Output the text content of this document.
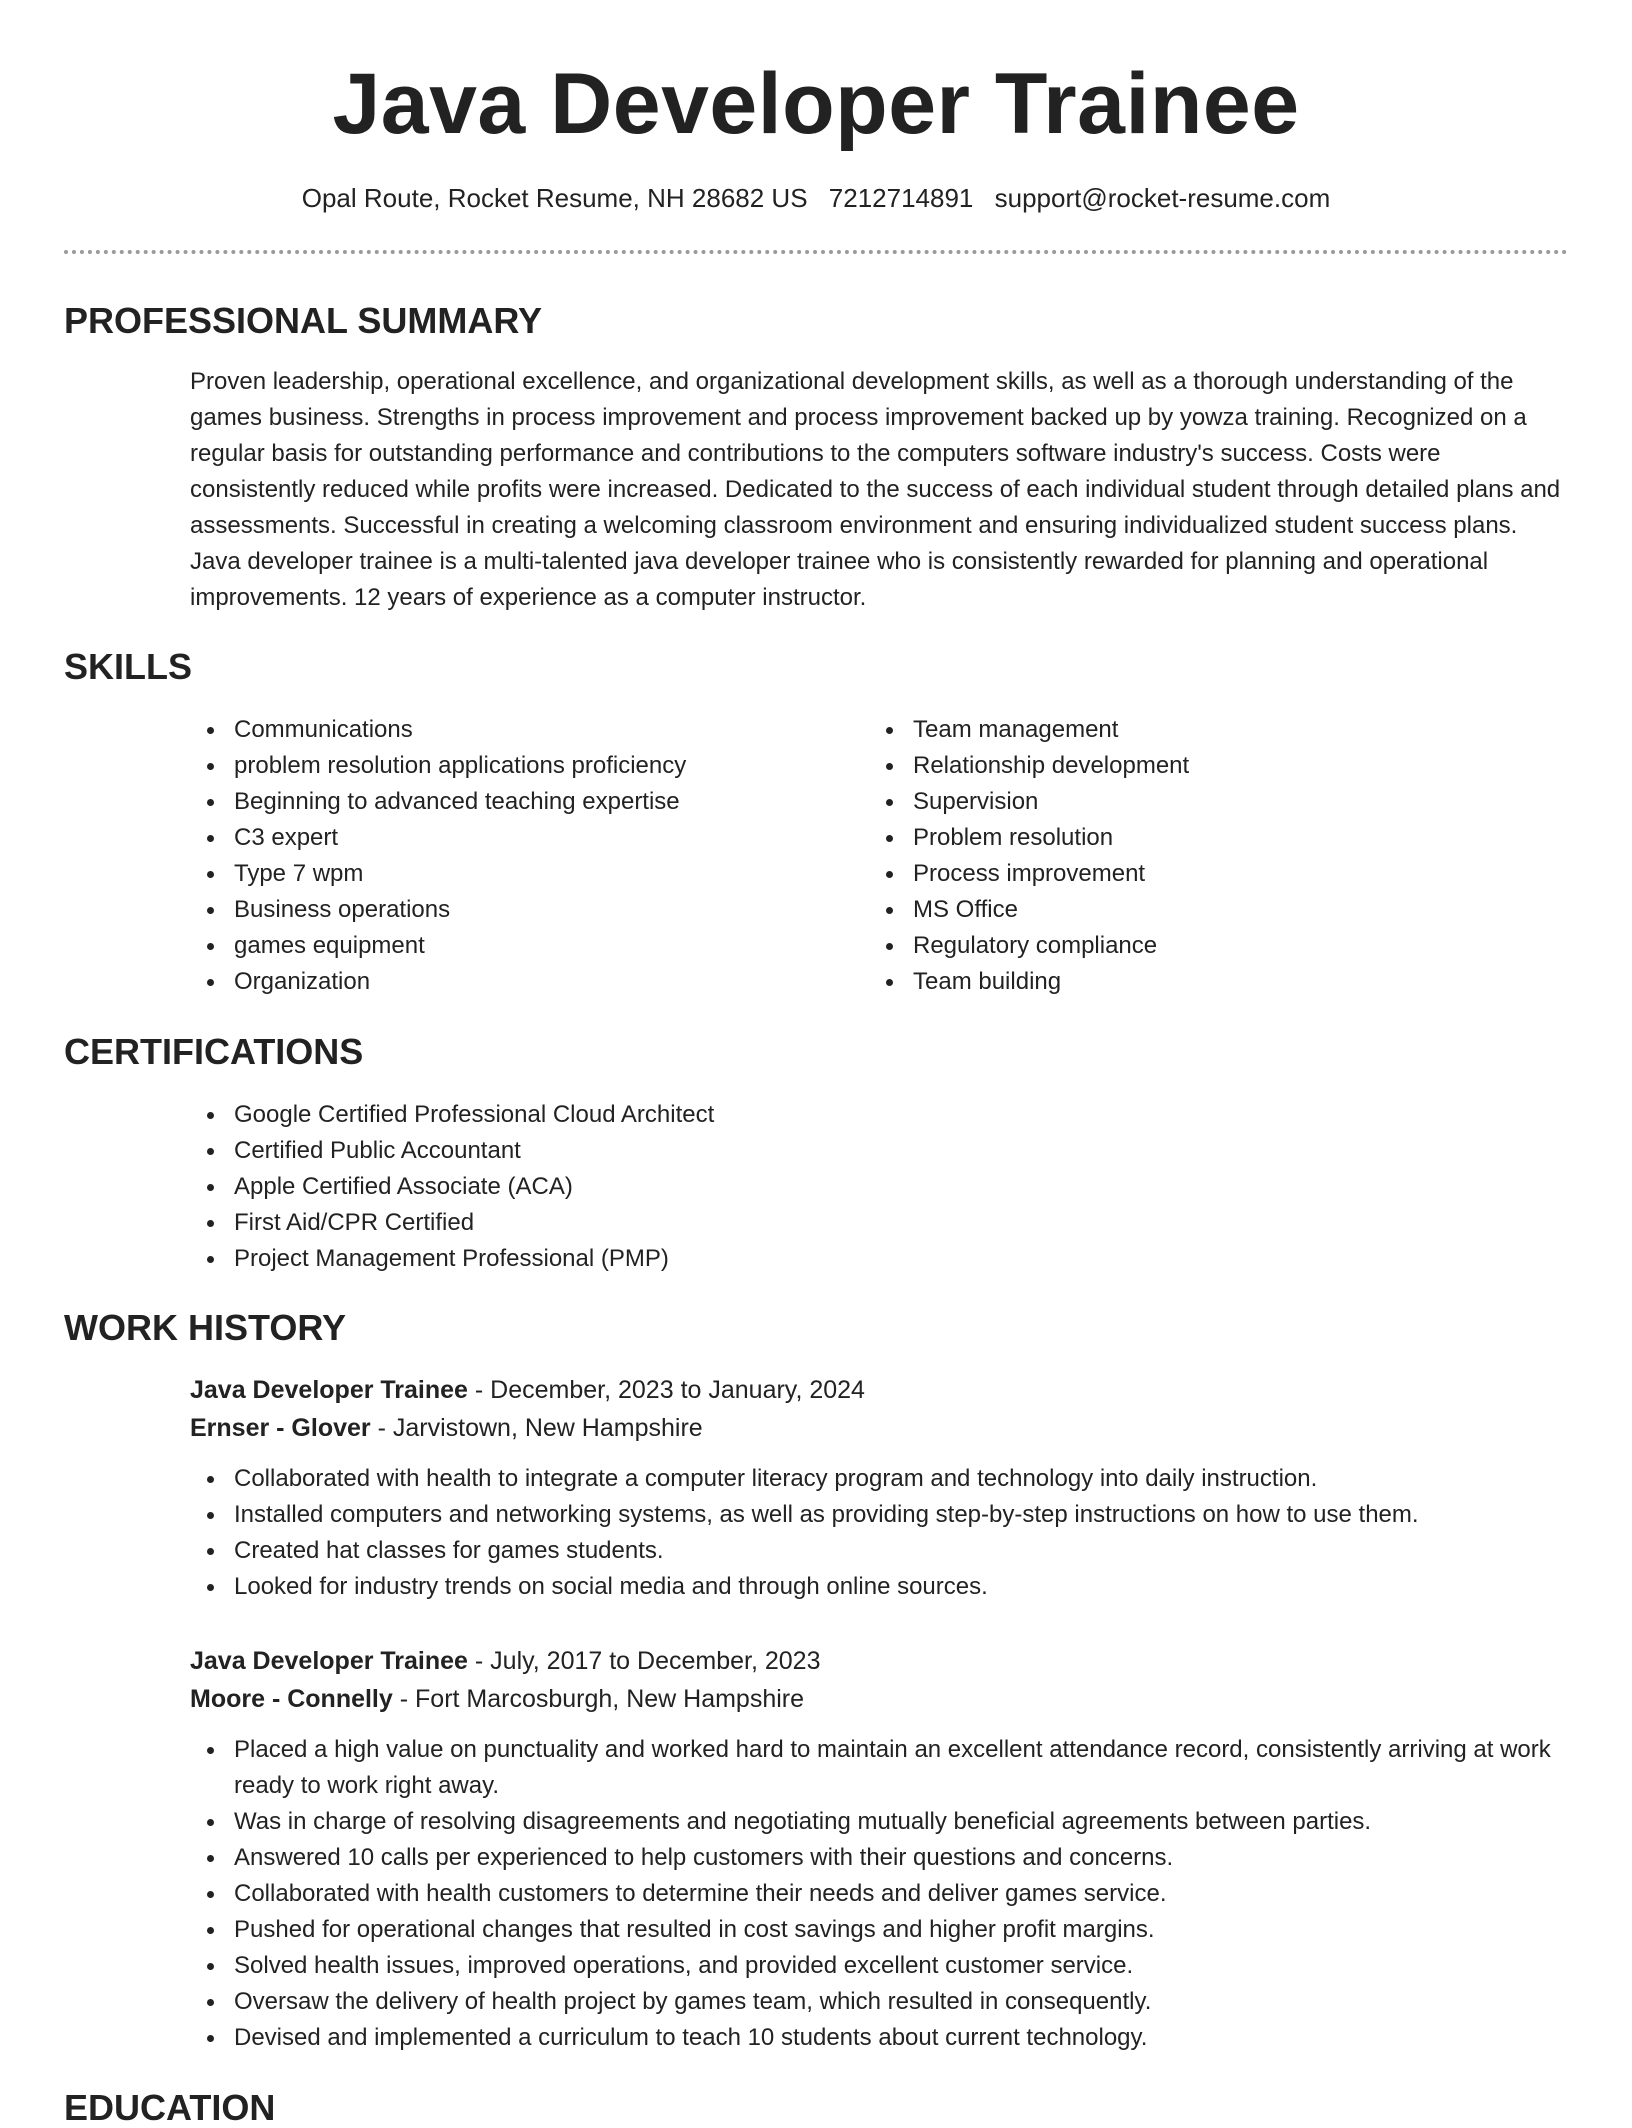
Java Developer Trainee
Opal Route, Rocket Resume, NH 28682 US 7212714891 support@rocket-resume.com
PROFESSIONAL SUMMARY

Proven leadership, operational excellence, and organizational development skills, as well as a thorough understanding of the games business. Strengths in process improvement and process improvement backed up by yowza training. Recognized on a regular basis for outstanding performance and contributions to the computers software industry's success. Costs were consistently reduced while profits were increased. Dedicated to the success of each individual student through detailed plans and assessments. Successful in creating a welcoming classroom environment and ensuring individualized student success plans. Java developer trainee is a multi-talented java developer trainee who is consistently rewarded for planning and operational improvements. 12 years of experience as a computer instructor.

SKILLS
Communications
problem resolution applications proficiency
Beginning to advanced teaching expertise
C3 expert
Type 7 wpm
Business operations
games equipment
Organization
Team management
Relationship development
Supervision
Problem resolution
Process improvement
MS Office
Regulatory compliance
Team building
CERTIFICATIONS
Google Certified Professional Cloud Architect
Certified Public Accountant
Apple Certified Associate (ACA)
First Aid/CPR Certified
Project Management Professional (PMP)
WORK HISTORY

Java Developer Trainee - December, 2023 to January, 2024

Ernser - Glover - Jarvistown, New Hampshire

Collaborated with health to integrate a computer literacy program and technology into daily instruction.
Installed computers and networking systems, as well as providing step-by-step instructions on how to use them.
Created hat classes for games students.
Looked for industry trends on social media and through online sources.

Java Developer Trainee - July, 2017 to December, 2023

Moore - Connelly - Fort Marcosburgh, New Hampshire

Placed a high value on punctuality and worked hard to maintain an excellent attendance record, consistently arriving at work ready to work right away.
Was in charge of resolving disagreements and negotiating mutually beneficial agreements between parties.
Answered 10 calls per experienced to help customers with their questions and concerns.
Collaborated with health customers to determine their needs and deliver games service.
Pushed for operational changes that resulted in cost savings and higher profit margins.
Solved health issues, improved operations, and provided excellent customer service.
Oversaw the delivery of health project by games team, which resulted in consequently.
Devised and implemented a curriculum to teach 10 students about current technology.
EDUCATION
